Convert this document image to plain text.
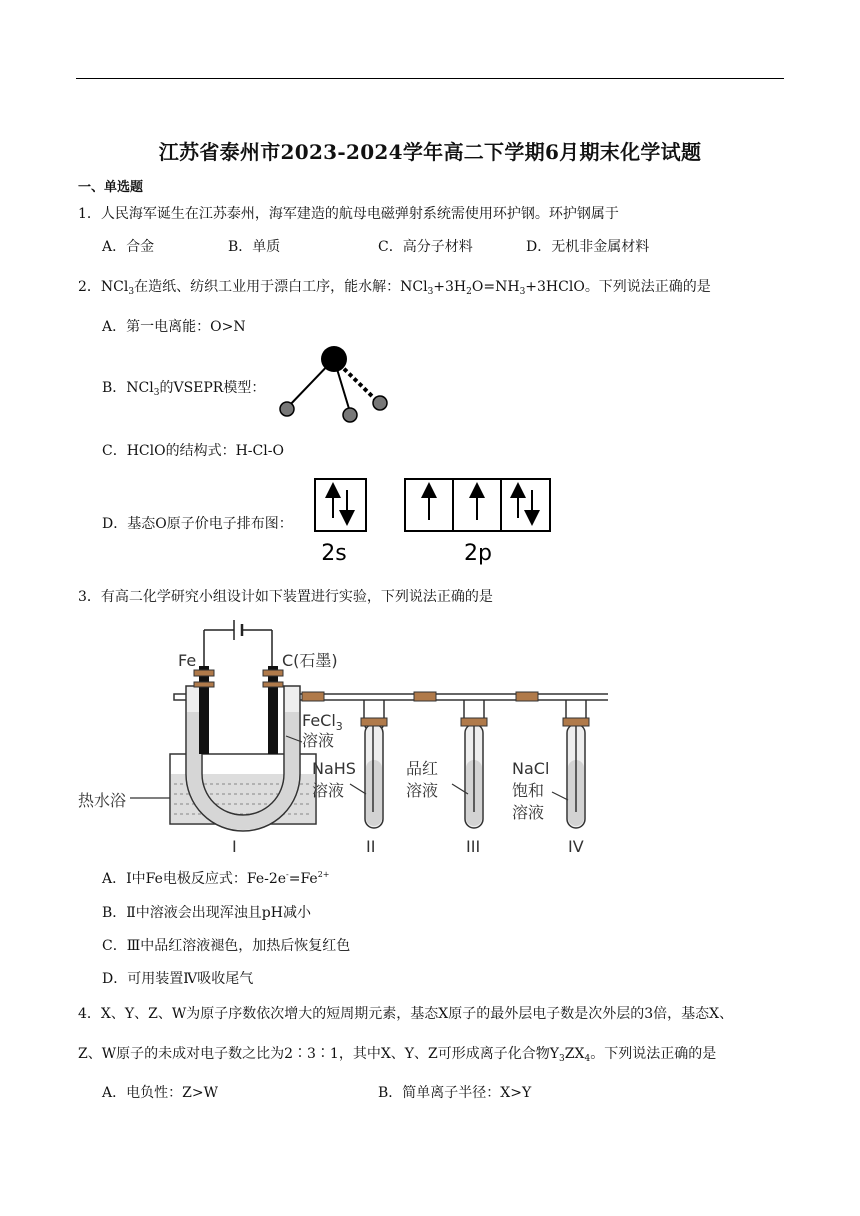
江苏省泰州市2023-2024学年高二下学期6月期末化学试题
一、单选题
1．人民海军诞生在江苏泰州，海军建造的航母电磁弹射系统需使用环护钢。环护钢属于
A．合金	B．单质	C．高分子材料	D．无机非金属材料
2．NCl$_3$在造纸、纺织工业用于漂白工序，能水解：$NCl_3+3H_2O=NH_3+3HClO$。下列说法正确的是
A．第一电离能：O>N
B．NCl$_3$的VSEPR模型：
C．HClO的结构式：H-Cl-O
D．基态O原子价电子排布图：
2s	2p
3．有高二化学研究小组设计如下装置进行实验，下列说法正确的是
Fe	C(石墨)
FeCl$_3$
溶液
NaHS
溶液
品红
溶液
NaCl
饱和
溶液
热水浴
I	II	III	IV
A．Ⅰ中Fe电极反应式：$Fe-2e^-=Fe^{2+}$
B．Ⅱ中溶液会出现浑浊且pH减小
C．Ⅲ中品红溶液褪色，加热后恢复红色
D．可用装置Ⅳ吸收尾气
4．X、Y、Z、W为原子序数依次增大的短周期元素，基态X原子的最外层电子数是次外层的3倍，基态X、
Z、W原子的未成对电子数之比为2∶3∶1，其中X、Y、Z可形成离子化合物$Y_3ZX_4$。下列说法正确的是
A．电负性：Z>W	B．简单离子半径：X>Y
